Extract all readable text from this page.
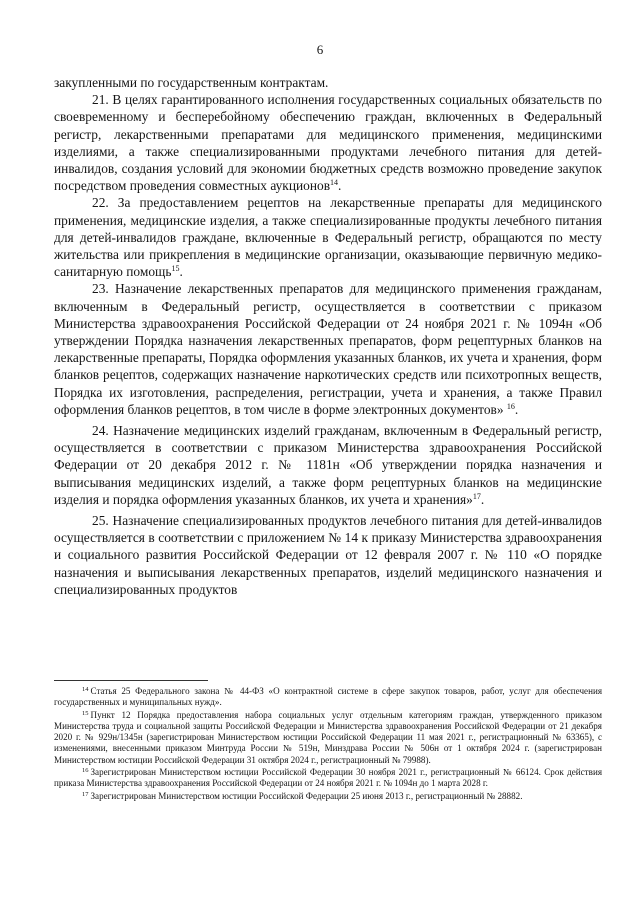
6

закупленными по государственным контрактам.

21. В целях гарантированного исполнения государственных социальных обязательств по своевременному и бесперебойному обеспечению граждан, включенных в Федеральный регистр, лекарственными препаратами для медицинского применения, медицинскими изделиями, а также специализированными продуктами лечебного питания для детей-инвалидов, создания условий для экономии бюджетных средств возможно проведение закупок посредством проведения совместных аукционов$^{14}$.

22. За предоставлением рецептов на лекарственные препараты для медицинского применения, медицинские изделия, а также специализированные продукты лечебного питания для детей-инвалидов граждане, включенные в Федеральный регистр, обращаются по месту жительства или прикрепления в медицинские организации, оказывающие первичную медико-санитарную помощь$^{15}$.

23. Назначение лекарственных препаратов для медицинского применения гражданам, включенным в Федеральный регистр, осуществляется в соответствии с приказом Министерства здравоохранения Российской Федерации от 24 ноября 2021 г. № 1094н «Об утверждении Порядка назначения лекарственных препаратов, форм рецептурных бланков на лекарственные препараты, Порядка оформления указанных бланков, их учета и хранения, форм бланков рецептов, содержащих назначение наркотических средств или психотропных веществ, Порядка их изготовления, распределения, регистрации, учета и хранения, а также Правил оформления бланков рецептов, в том числе в форме электронных документов» $^{16}$.

24. Назначение медицинских изделий гражданам, включенным в Федеральный регистр, осуществляется в соответствии с приказом Министерства здравоохранения Российской Федерации от 20 декабря 2012 г. № 1181н «Об утверждении порядка назначения и выписывания медицинских изделий, а также форм рецептурных бланков на медицинские изделия и порядка оформления указанных бланков, их учета и хранения»$^{17}$.

25. Назначение специализированных продуктов лечебного питания для детей-инвалидов осуществляется в соответствии с приложением № 14 к приказу Министерства здравоохранения и социального развития Российской Федерации от 12 февраля 2007 г. № 110 «О порядке назначения и выписывания лекарственных препаратов, изделий медицинского назначения и специализированных продуктов

$^{14}$ Статья 25 Федерального закона № 44-ФЗ «О контрактной системе в сфере закупок товаров, работ, услуг для обеспечения государственных и муниципальных нужд».

$^{15}$ Пункт 12 Порядка предоставления набора социальных услуг отдельным категориям граждан, утвержденного приказом Министерства труда и социальной защиты Российской Федерации и Министерства здравоохранения Российской Федерации от 21 декабря 2020 г. № 929н/1345н (зарегистрирован Министерством юстиции Российской Федерации 11 мая 2021 г., регистрационный № 63365), с изменениями, внесенными приказом Минтруда России № 519н, Минздрава России № 506н от 1 октября 2024 г. (зарегистрирован Министерством юстиции Российской Федерации 31 октября 2024 г., регистрационный № 79988).

$^{16}$ Зарегистрирован Министерством юстиции Российской Федерации 30 ноября 2021 г., регистрационный № 66124. Срок действия приказа Министерства здравоохранения Российской Федерации от 24 ноября 2021 г. № 1094н до 1 марта 2028 г.

$^{17}$ Зарегистрирован Министерством юстиции Российской Федерации 25 июня 2013 г., регистрационный № 28882.
